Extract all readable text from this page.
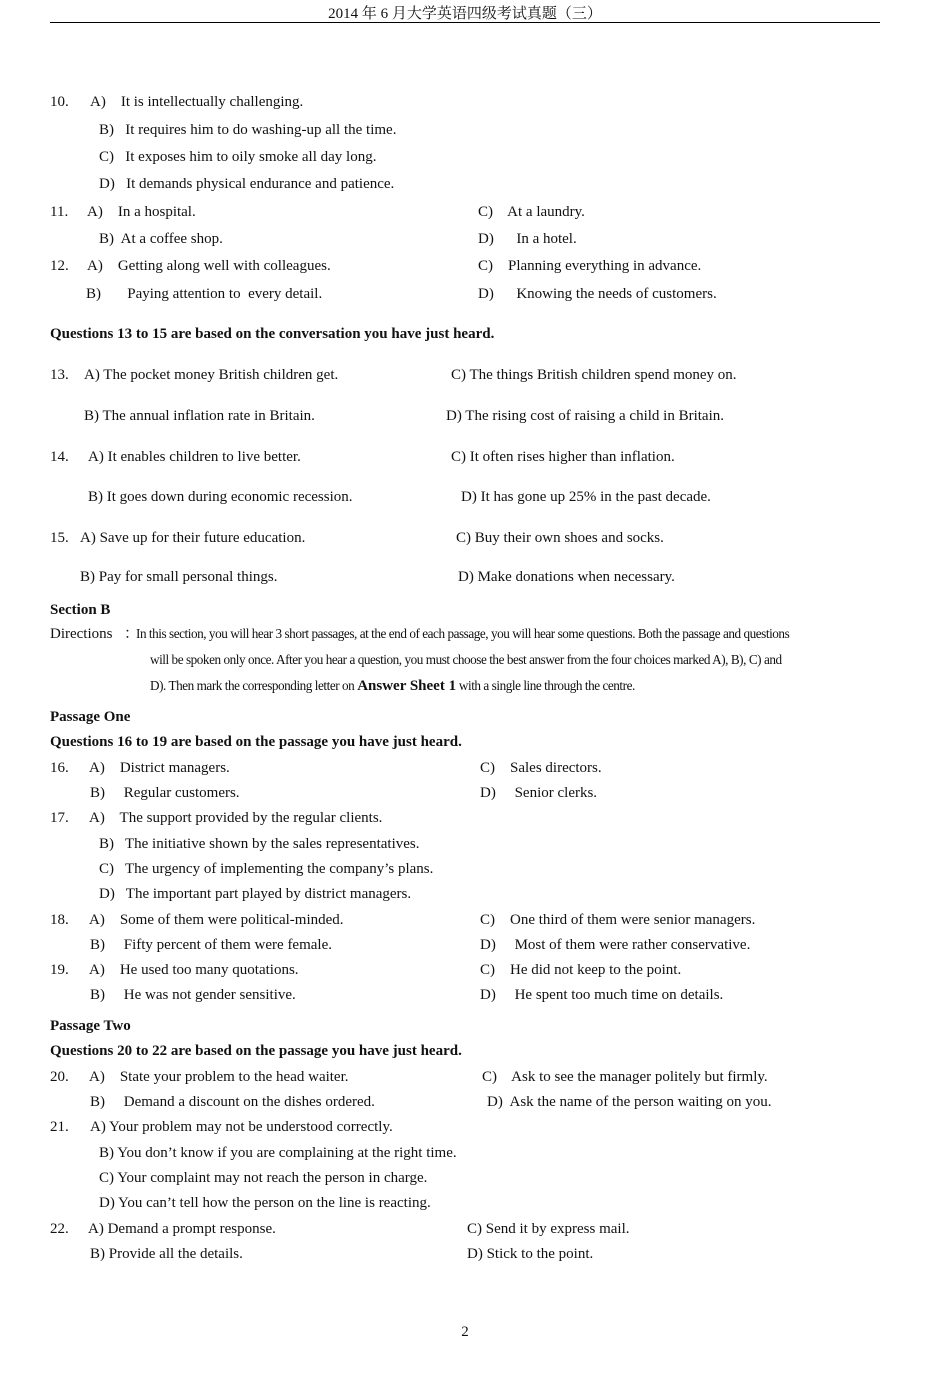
2014 年 6 月大学英语四级考试真题（三）
10. A)    It is intellectually challenging.
B)   It requires him to do washing-up all the time.
C)   It exposes him to oily smoke all day long.
D)   It demands physical endurance and patience.
11. A)    In a hospital.	C)    At a laundry.
B)  At a coffee shop.	D)      In a hotel.
12. A)    Getting along well with colleagues.	C)    Planning everything in advance.
B)       Paying attention to  every detail.	D)      Knowing the needs of customers.
Questions 13 to 15 are based on the conversation you have just heard.
13. A) The pocket money British children get.	C) The things British children spend money on.
B) The annual inflation rate in Britain.	D) The rising cost of raising a child in Britain.
14. A) It enables children to live better.	C) It often rises higher than inflation.
B) It goes down during economic recession.	D) It has gone up 25% in the past decade.
15. A) Save up for their future education.	C) Buy their own shoes and socks.
B) Pay for small personal things.	D) Make donations when necessary.
Section B
Directions ：
In this section, you will hear 3 short passages, at the end of each passage, you will hear some questions. Both the passage and questions
will be spoken only once. After you hear a question, you must choose the best answer from the four choices marked A), B), C) and
D). Then mark the corresponding letter on Answer Sheet 1 with a single line through the centre.
Passage One
Questions 16 to 19 are based on the passage you have just heard.
16. A)    District managers.	C)    Sales directors.
B)     Regular customers.	D)     Senior clerks.
17. A)    The support provided by the regular clients.
B)   The initiative shown by the sales representatives.
C)   The urgency of implementing the company’s plans.
D)   The important part played by district managers.
18. A)    Some of them were political-minded.	C)    One third of them were senior managers.
B)     Fifty percent of them were female.	D)     Most of them were rather conservative.
19. A)    He used too many quotations.	C)    He did not keep to the point.
B)     He was not gender sensitive.	D)     He spent too much time on details.
Passage Two
Questions 20 to 22 are based on the passage you have just heard.
20. A)    State your problem to the head waiter.	C)    Ask to see the manager politely but firmly.
B)     Demand a discount on the dishes ordered.	D)  Ask the name of the person waiting on you.
21. A) Your problem may not be understood correctly.
B) You don’t know if you are complaining at the right time.
C) Your complaint may not reach the person in charge.
D) You can’t tell how the person on the line is reacting.
22. A) Demand a prompt response.	C) Send it by express mail.
B) Provide all the details.	D) Stick to the point.
2
